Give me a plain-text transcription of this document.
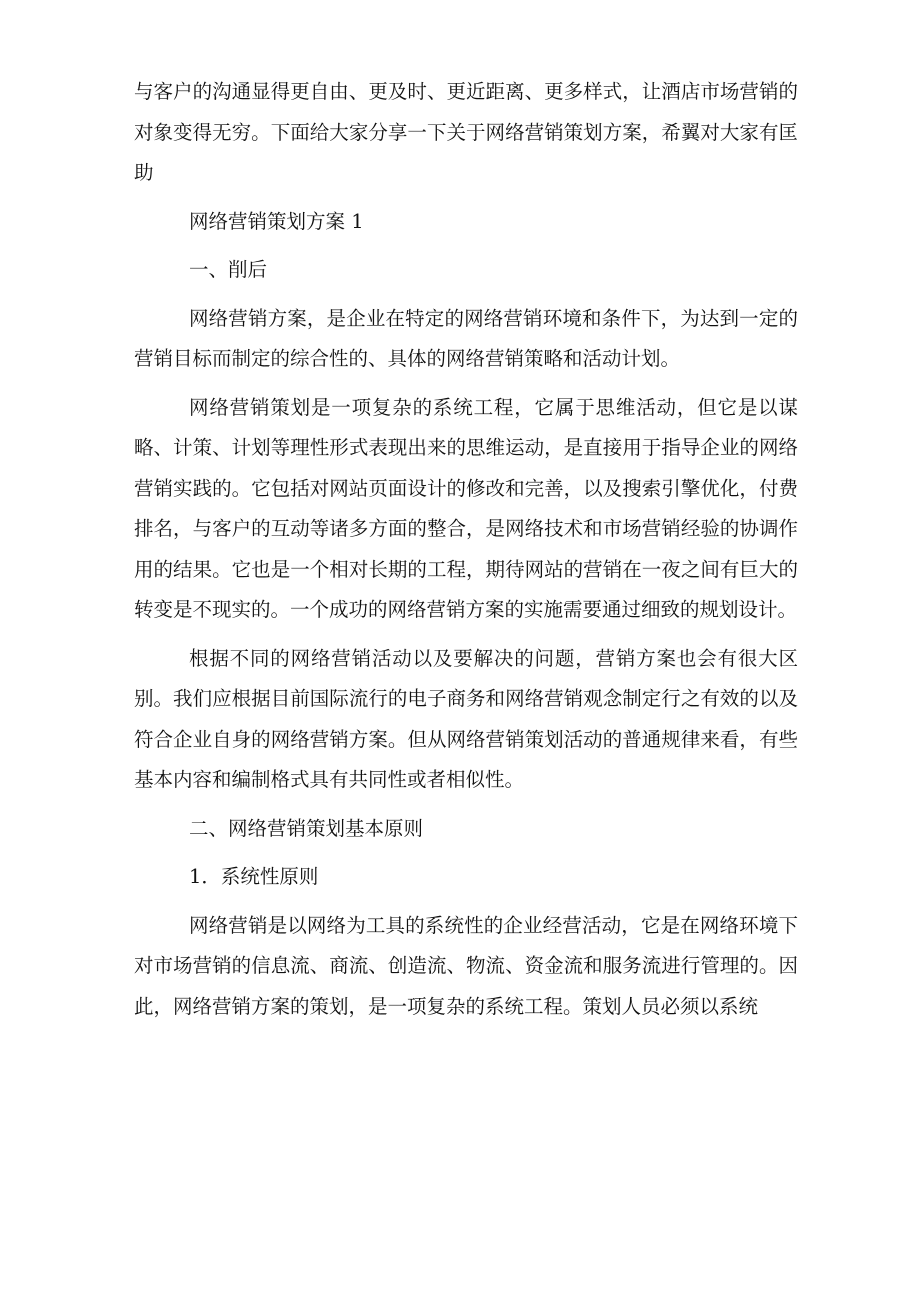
与客户的沟通显得更自由、更及时、更近距离、更多样式，让酒店市场营销的对象变得无穷。下面给大家分享一下关于网络营销策划方案，希翼对大家有匡助

网络营销策划方案 1

一、削后

网络营销方案，是企业在特定的网络营销环境和条件下，为达到一定的营销目标而制定的综合性的、具体的网络营销策略和活动计划。

网络营销策划是一项复杂的系统工程，它属于思维活动，但它是以谋略、计策、计划等理性形式表现出来的思维运动，是直接用于指导企业的网络营销实践的。它包括对网站页面设计的修改和完善，以及搜索引擎优化，付费排名，与客户的互动等诸多方面的整合，是网络技术和市场营销经验的协调作用的结果。它也是一个相对长期的工程，期待网站的营销在一夜之间有巨大的转变是不现实的。一个成功的网络营销方案的实施需要通过细致的规划设计。

根据不同的网络营销活动以及要解决的问题，营销方案也会有很大区别。我们应根据目前国际流行的电子商务和网络营销观念制定行之有效的以及符合企业自身的网络营销方案。但从网络营销策划活动的普通规律来看，有些基本内容和编制格式具有共同性或者相似性。

二、网络营销策划基本原则

1．系统性原则

网络营销是以网络为工具的系统性的企业经营活动，它是在网络环境下对市场营销的信息流、商流、创造流、物流、资金流和服务流进行管理的。因此，网络营销方案的策划，是一项复杂的系统工程。策划人员必须以系统
